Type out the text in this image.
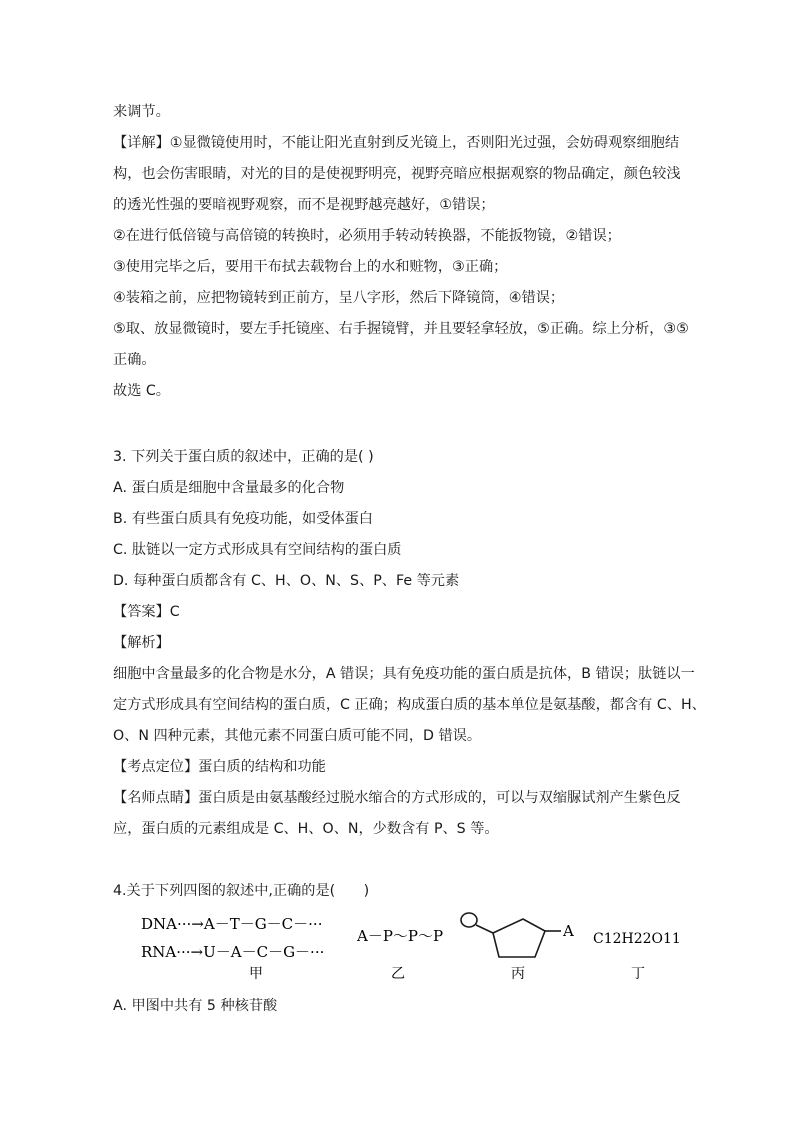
来调节。
【详解】①显微镜使用时，不能让阳光直射到反光镜上，否则阳光过强，会妨碍观察细胞结
构，也会伤害眼睛，对光的目的是使视野明亮，视野亮暗应根据观察的物品确定，颜色较浅
的透光性强的要暗视野观察，而不是视野越亮越好，①错误；
②在进行低倍镜与高倍镜的转换时，必须用手转动转换器，不能扳物镜，②错误；
③使用完毕之后，要用干布拭去载物台上的水和赃物，③正确；
④装箱之前，应把物镜转到正前方，呈八字形，然后下降镜筒，④错误；
⑤取、放显微镜时，要左手托镜座、右手握镜臂，并且要轻拿轻放，⑤正确。综上分析，③⑤
正确。
故选 C。
3. 下列关于蛋白质的叙述中，正确的是( )
A. 蛋白质是细胞中含量最多的化合物
B. 有些蛋白质具有免疫功能，如受体蛋白
C. 肽链以一定方式形成具有空间结构的蛋白质
D. 每种蛋白质都含有 C、H、O、N、S、P、Fe 等元素
【答案】C
【解析】
细胞中含量最多的化合物是水分，A 错误；具有免疫功能的蛋白质是抗体，B 错误；肽链以一
定方式形成具有空间结构的蛋白质，C 正确；构成蛋白质的基本单位是氨基酸，都含有 C、H、
O、N 四种元素，其他元素不同蛋白质可能不同，D 错误。
【考点定位】蛋白质的结构和功能
【名师点睛】蛋白质是由氨基酸经过脱水缩合的方式形成的，可以与双缩脲试剂产生紫色反
应，蛋白质的元素组成是 C、H、O、N，少数含有 P、S 等。
4.关于下列四图的叙述中,正确的是(　　)
DNA···→A－T－G－C－···
RNA···→U－A－C－G－···
A－P～P～P	A C12H22O11
甲	乙	丙	丁
A. 甲图中共有 5 种核苷酸
